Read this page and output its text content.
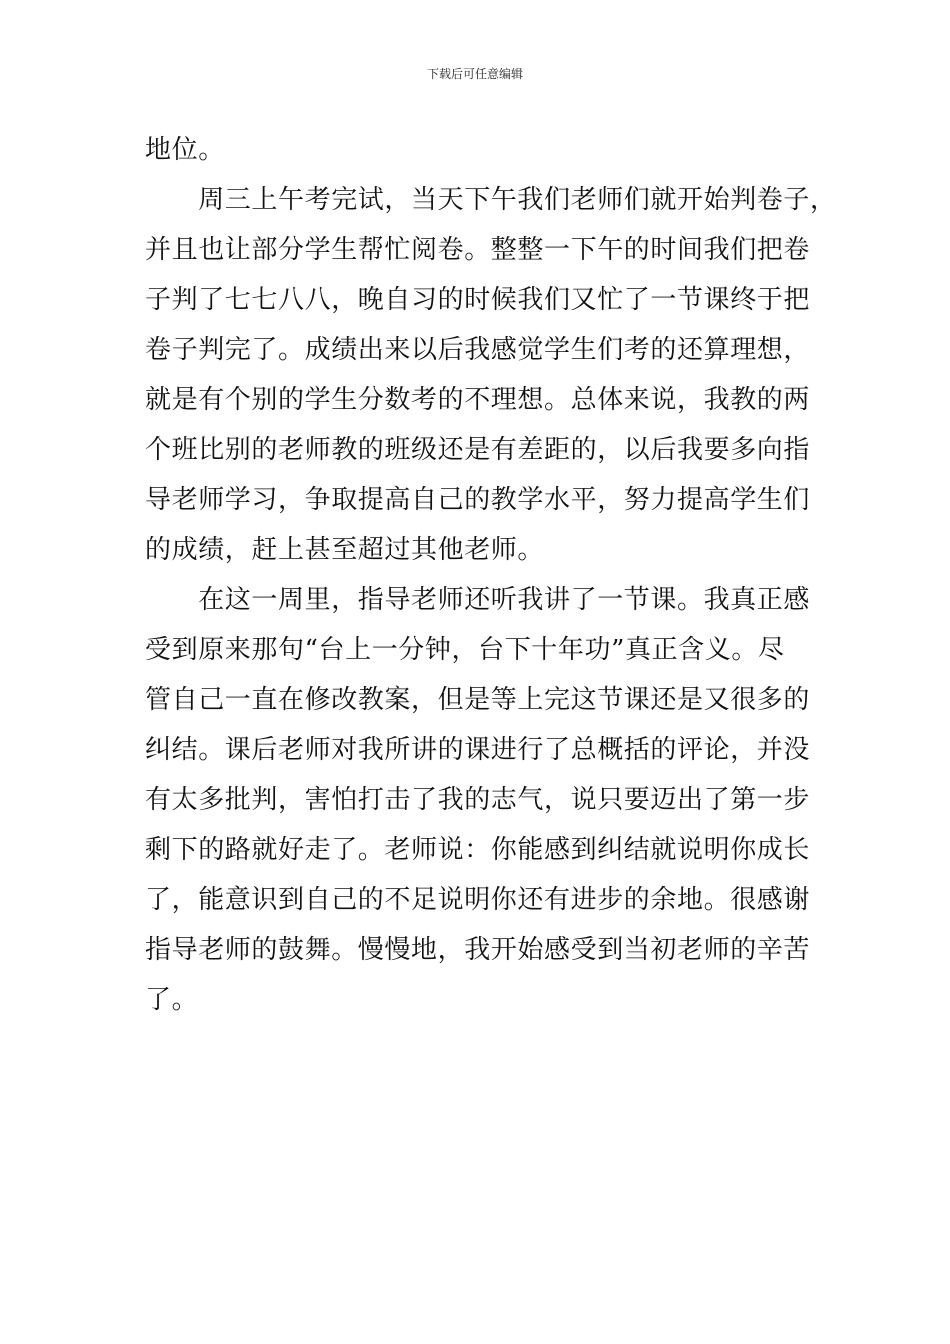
下载后可任意编辑
地位。
　　周三上午考完试，当天下午我们老师们就开始判卷子，
并且也让部分学生帮忙阅卷。整整一下午的时间我们把卷
子判了七七八八，晚自习的时候我们又忙了一节课终于把
卷子判完了。成绩出来以后我感觉学生们考的还算理想，
就是有个别的学生分数考的不理想。总体来说，我教的两
个班比别的老师教的班级还是有差距的，以后我要多向指
导老师学习，争取提高自己的教学水平，努力提高学生们
的成绩，赶上甚至超过其他老师。
　　在这一周里，指导老师还听我讲了一节课。我真正感
受到原来那句“台上一分钟，台下十年功”真正含义。尽
管自己一直在修改教案，但是等上完这节课还是又很多的
纠结。课后老师对我所讲的课进行了总概括的评论，并没
有太多批判，害怕打击了我的志气，说只要迈出了第一步
剩下的路就好走了。老师说：你能感到纠结就说明你成长
了，能意识到自己的不足说明你还有进步的余地。很感谢
指导老师的鼓舞。慢慢地，我开始感受到当初老师的辛苦
了。
